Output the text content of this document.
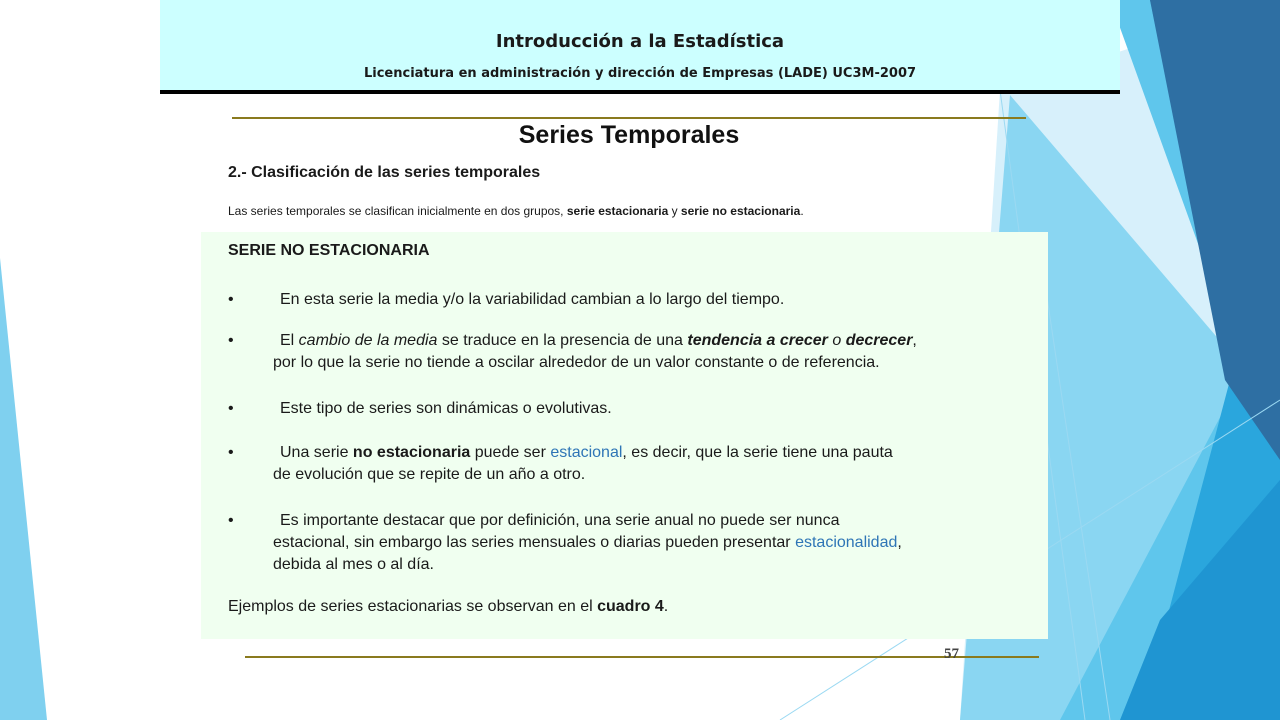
Introducción a la Estadística
Licenciatura en administración y dirección de Empresas (LADE) UC3M-2007
Series Temporales
2.- Clasificación de las series temporales
Las series temporales se clasifican inicialmente en dos grupos, serie estacionaria y serie no estacionaria.
SERIE NO ESTACIONARIA
•	En esta serie la media y/o la variabilidad cambian a lo largo del tiempo.
•	El cambio de la media se traduce en la presencia de una tendencia a crecer o decrecer,
por lo que la serie no tiende a oscilar alrededor de un valor constante o de referencia.
•	Este tipo de series son dinámicas o evolutivas.
•	Una serie no estacionaria puede ser estacional, es decir, que la serie tiene una pauta
de evolución que se repite de un año a otro.
•	Es importante destacar que por definición, una serie anual no puede ser nunca
estacional, sin embargo las series mensuales o diarias pueden presentar estacionalidad,
debida al mes o al día.
Ejemplos de series estacionarias se observan en el cuadro 4.
57
